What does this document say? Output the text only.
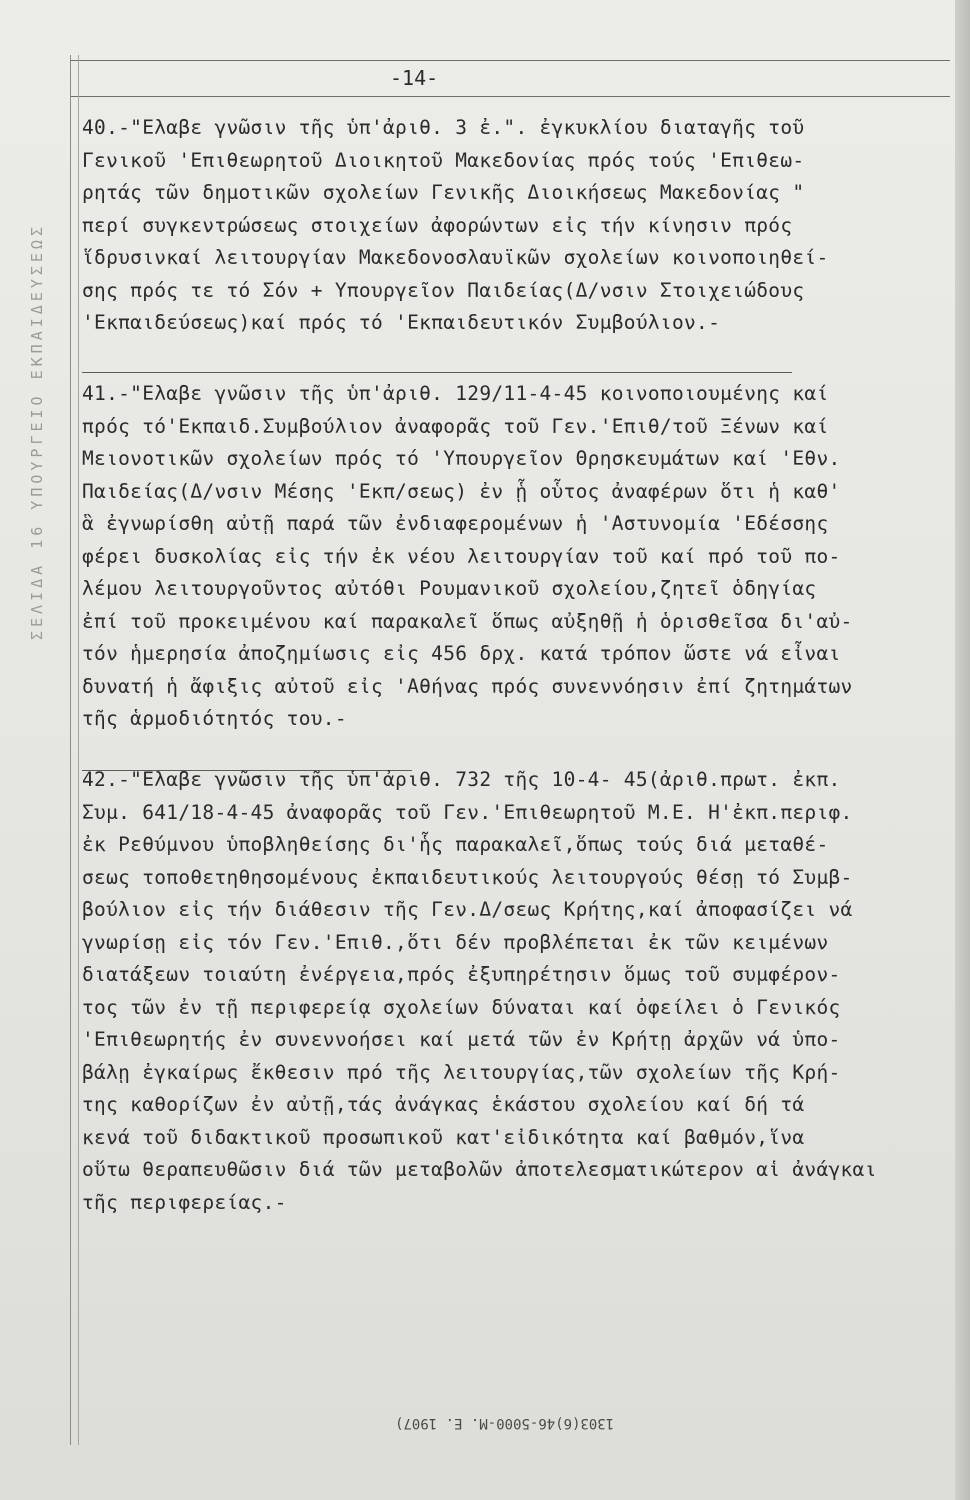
ΣΕΛΙΔΑ 16 ΥΠΟΥΡΓΕΙΟ ΕΚΠΑΙΔΕΥΣΕΩΣ
-14-
40.-"Ελαβε γνῶσιν τῆς ὑπ'ἀριθ. 3 ἐ.". ἐγκυκλίου διαταγῆς τοῦ
Γενικοῦ 'Επιθεωρητοῦ Διοικητοῦ Μακεδονίας πρός τούς 'Επιθεω-
ρητάς τῶν δημοτικῶν σχολείων Γενικῆς Διοικήσεως Μακεδονίας "
περί συγκεντρώσεως στοιχείων ἀφορώντων εἰς τήν κίνησιν πρός
ἵδρυσινκαί λειτουργίαν Μακεδονοσλαυϊκῶν σχολείων κοινοποιηθεί-
σης πρός τε τό Σόν + Υπουργεῖον Παιδείας(Δ/νσιν Στοιχειώδους
'Εκπαιδεύσεως)καί πρός τό 'Εκπαιδευτικόν Συμβούλιον.-
41.-"Ελαβε γνῶσιν τῆς ὑπ'ἀριθ. 129/11-4-45 κοινοποιουμένης καί
πρός τό'Εκπαιδ.Συμβούλιον ἀναφορᾶς τοῦ Γεν.'Επιθ/τοῦ Ξένων καί
Μειονοτικῶν σχολείων πρός τό 'Υπουργεῖον Θρησκευμάτων καί 'Εθν.
Παιδείας(Δ/νσιν Μέσης 'Εκπ/σεως) ἐν ᾗ οὗτος ἀναφέρων ὅτι ἡ καθ'
ἃ ἐγνωρίσθη αὐτῇ παρά τῶν ἐνδιαφερομένων ἡ 'Αστυνομία 'Εδέσσης
φέρει δυσκολίας εἰς τήν ἐκ νέου λειτουργίαν τοῦ καί πρό τοῦ πο-
λέμου λειτουργοῦντος αὐτόθι Ρουμανικοῦ σχολείου,ζητεῖ ὁδηγίας
ἐπί τοῦ προκειμένου καί παρακαλεῖ ὅπως αὐξηθῇ ἡ ὁρισθεῖσα δι'αὐ-
τόν ἡμερησία ἀποζημίωσις εἰς 456 δρχ. κατά τρόπον ὥστε νά εἶναι
δυνατή ἡ ἄφιξις αὐτοῦ εἰς 'Αθήνας πρός συνεννόησιν ἐπί ζητημάτων
τῆς ἁρμοδιότητός του.-
42.-"Ελαβε γνῶσιν τῆς ὑπ'ἀριθ. 732 τῆς 10-4- 45(ἀριθ.πρωτ. ἐκπ.
Συμ. 641/18-4-45 ἀναφορᾶς τοῦ Γεν.'Επιθεωρητοῦ Μ.Ε. Η'ἐκπ.περιφ.
ἐκ Ρεθύμνου ὑποβληθείσης δι'ἧς παρακαλεῖ,ὅπως τούς διά μεταθέ-
σεως τοποθετηθησομένους ἐκπαιδευτικούς λειτουργούς θέσῃ τό Συμβ-
βούλιον εἰς τήν διάθεσιν τῆς Γεν.Δ/σεως Κρήτης,καί ἀποφασίζει νά
γνωρίσῃ εἰς τόν Γεν.'Επιθ.,ὅτι δέν προβλέπεται ἐκ τῶν κειμένων
διατάξεων τοιαύτη ἐνέργεια,πρός ἐξυπηρέτησιν ὅμως τοῦ συμφέρον-
τος τῶν ἐν τῇ περιφερείᾳ σχολείων δύναται καί ὀφείλει ὁ Γενικός
'Επιθεωρητής ἐν συνεννοήσει καί μετά τῶν ἐν Κρήτῃ ἀρχῶν νά ὑπο-
βάλῃ ἐγκαίρως ἔκθεσιν πρό τῆς λειτουργίας,τῶν σχολείων τῆς Κρή-
της καθορίζων ἐν αὐτῇ,τάς ἀνάγκας ἑκάστου σχολείου καί δή τά
κενά τοῦ διδακτικοῦ προσωπικοῦ κατ'εἰδικότητα καί βαθμόν,ἵνα
οὕτω θεραπευθῶσιν διά τῶν μεταβολῶν ἀποτελεσματικώτερον αἱ ἀνάγκαι
τῆς περιφερείας.-
1303(6)46-5000-Μ. Ε. 1907)
